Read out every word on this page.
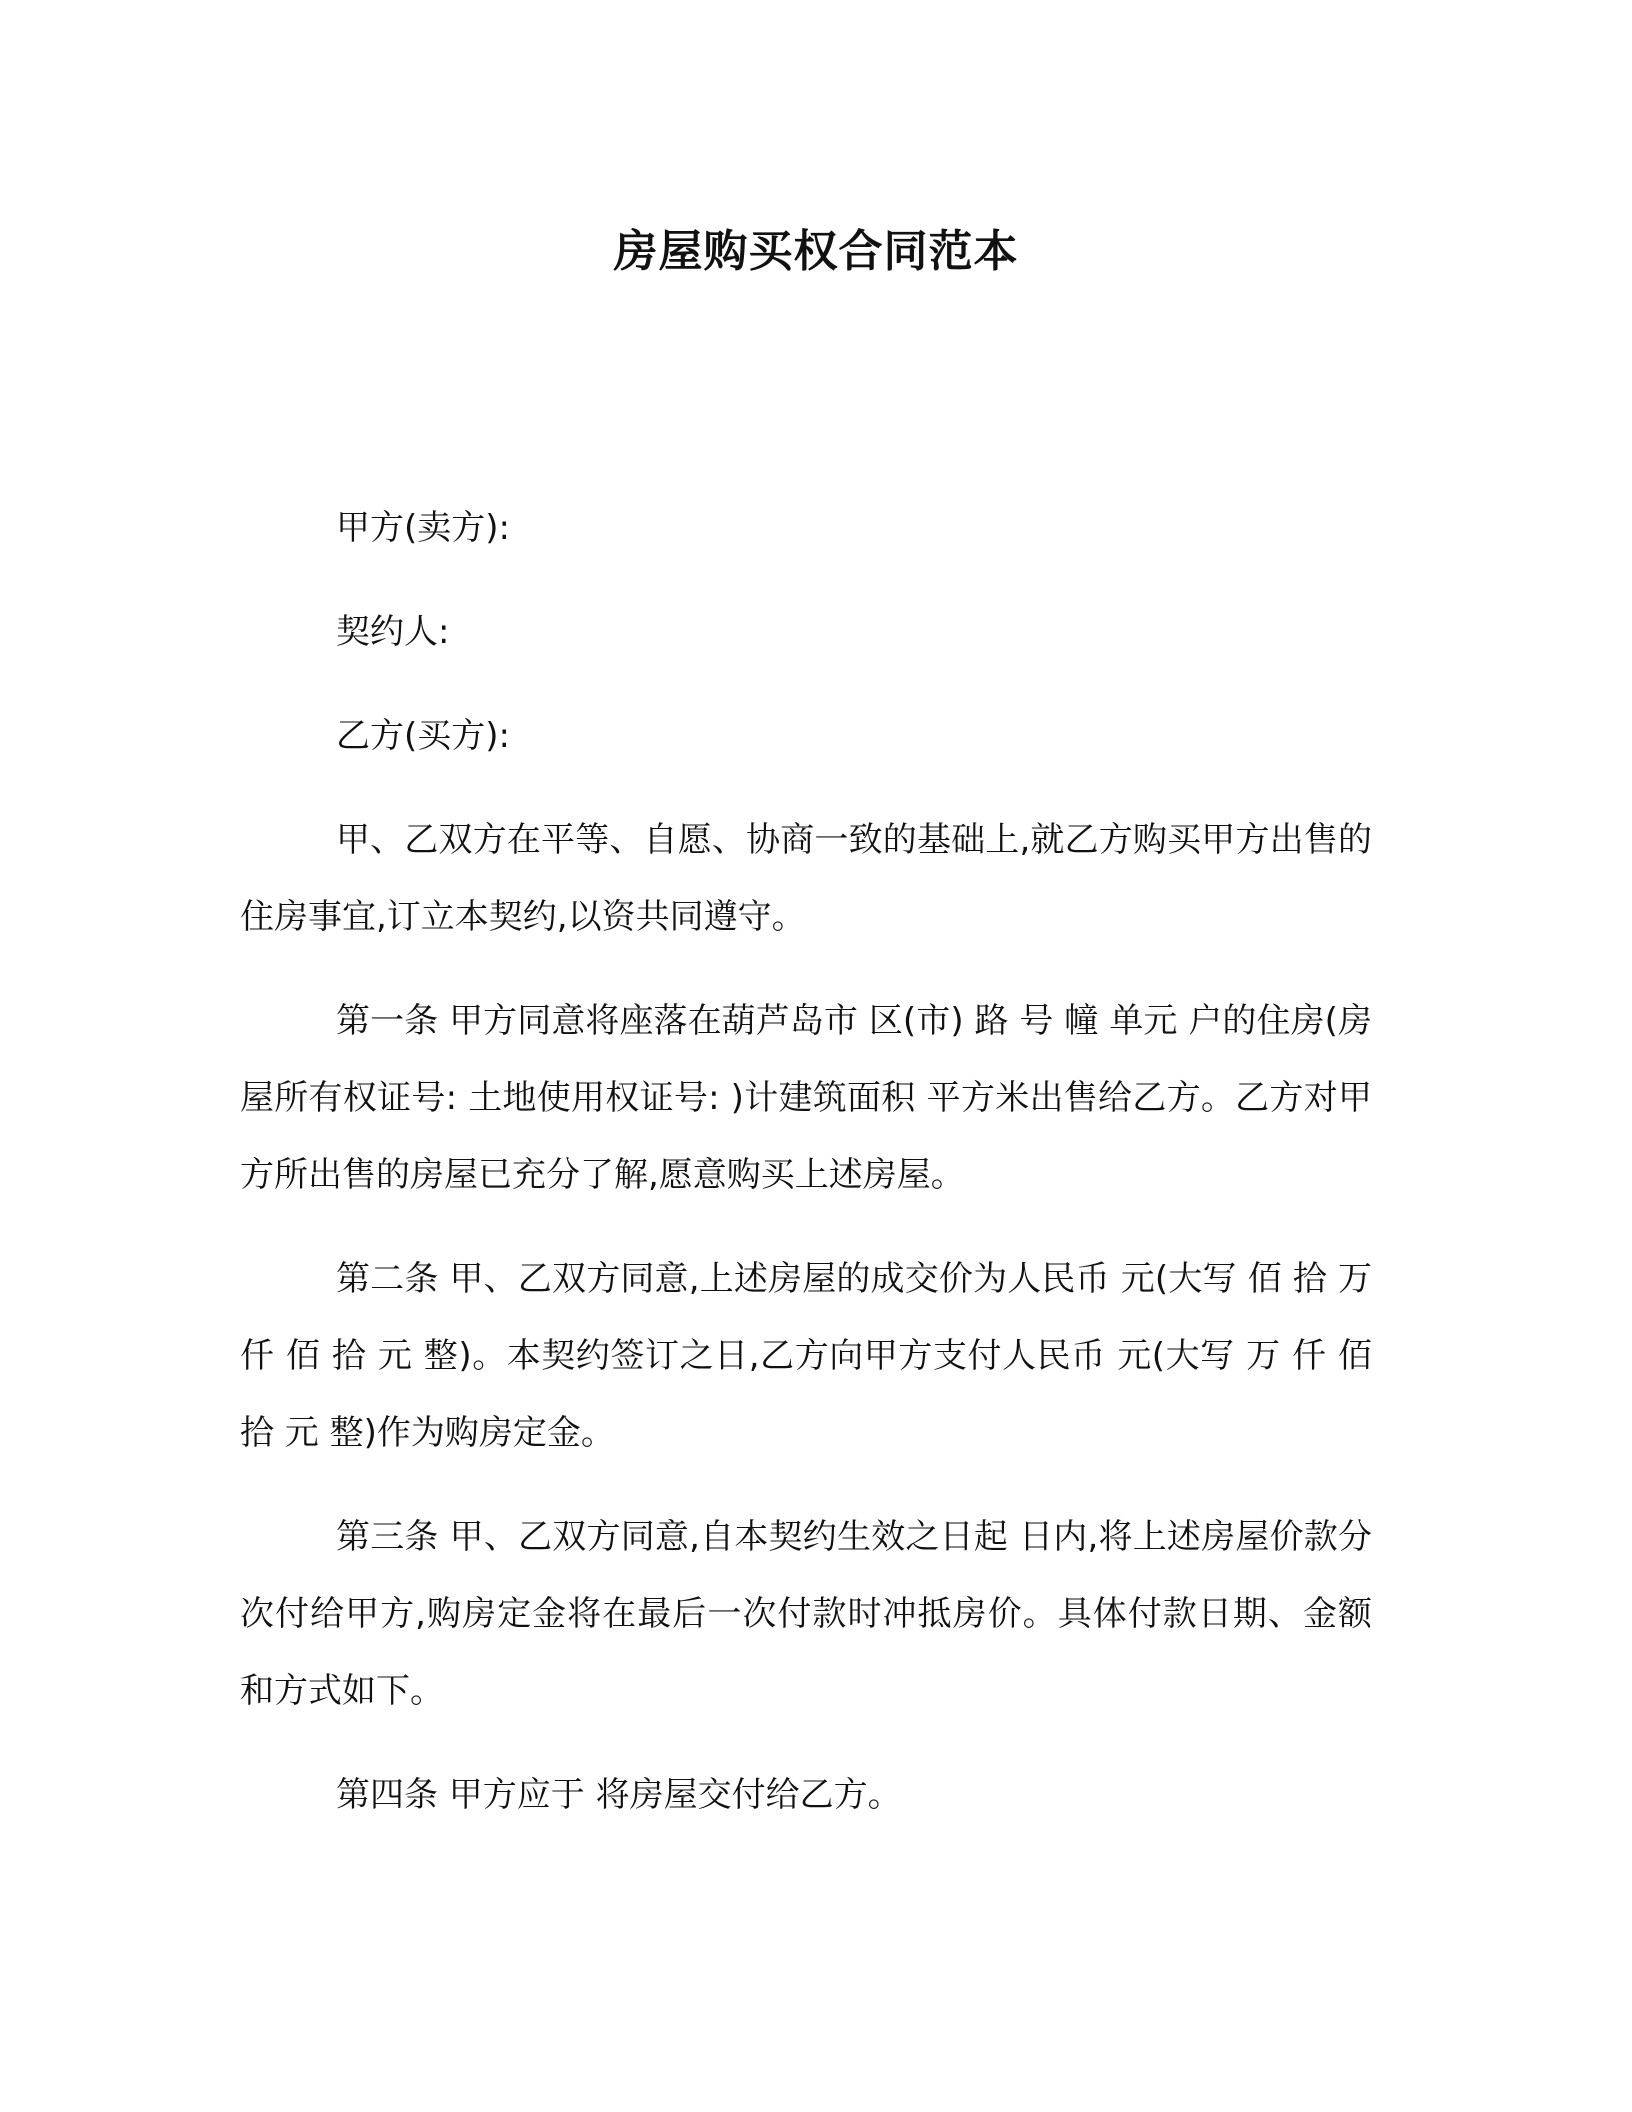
房屋购买权合同范本

甲方(卖方):

契约人:

乙方(买方):

甲、乙双方在平等、自愿、协商一致的基础上,就乙方购买甲方出售的住房事宜,订立本契约,以资共同遵守。

第一条 甲方同意将座落在葫芦岛市 区(市) 路 号 幢 单元 户的住房(房屋所有权证号: 土地使用权证号: )计建筑面积 平方米出售给乙方。乙方对甲方所出售的房屋已充分了解,愿意购买上述房屋。

第二条 甲、乙双方同意,上述房屋的成交价为人民币 元(大写 佰 拾 万 仟 佰 拾 元 整)。本契约签订之日,乙方向甲方支付人民币 元(大写 万 仟 佰 拾 元 整)作为购房定金。

第三条 甲、乙双方同意,自本契约生效之日起 日内,将上述房屋价款分 次付给甲方,购房定金将在最后一次付款时冲抵房价。具体付款日期、金额和方式如下。

第四条 甲方应于 将房屋交付给乙方。
